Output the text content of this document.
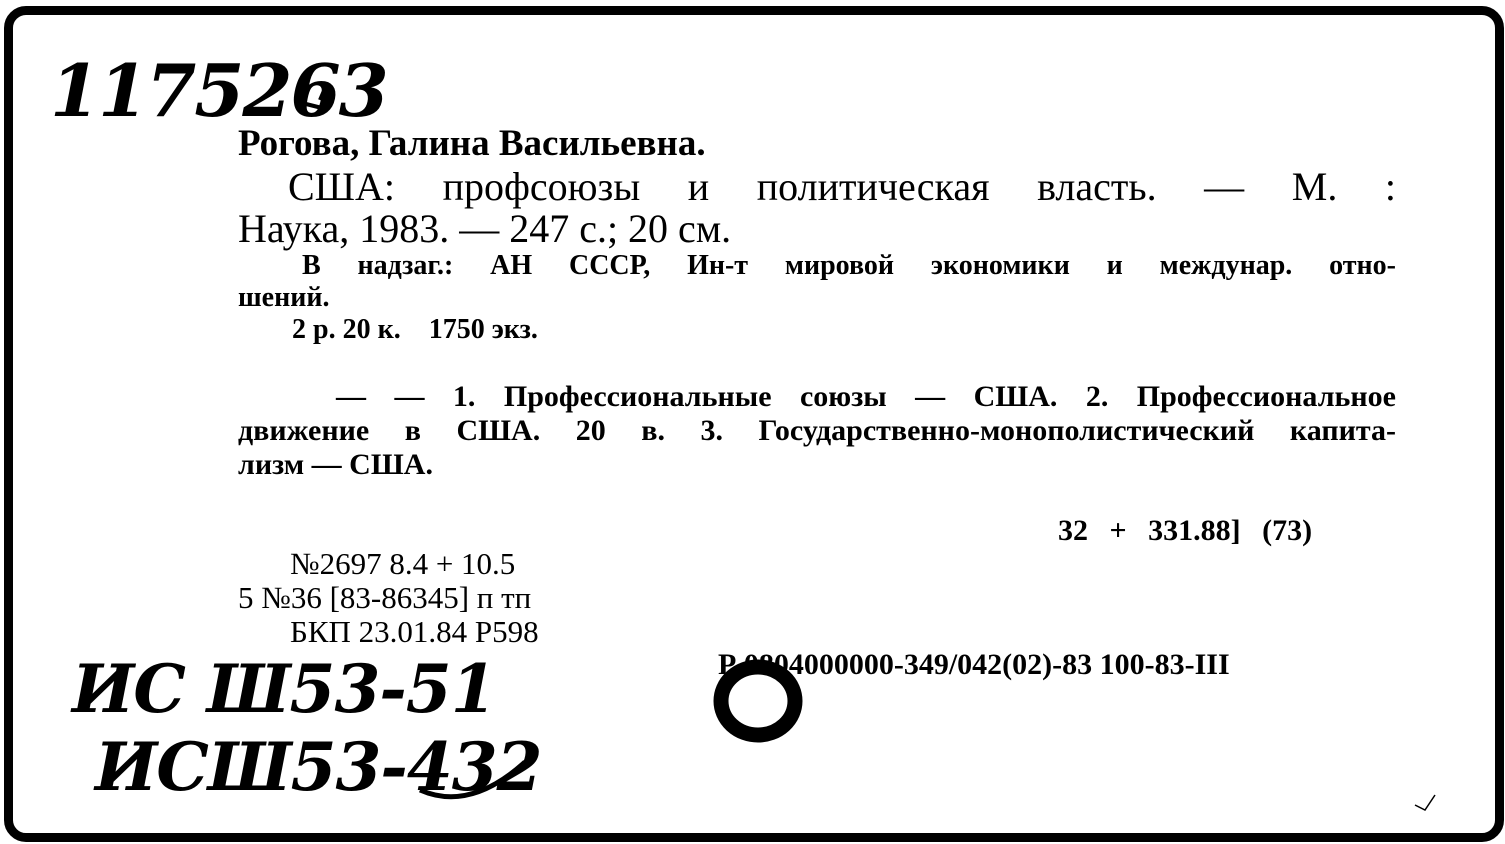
1175263
Рогова, Галина Васильевна.
США: профсоюзы и политическая власть. — М. :
Наука, 1983. — 247 с.; 20 см.
В надзаг.: АН СССР, Ин-т мировой экономики и междунар. отно-
шений.
2 р. 20 к.    1750 экз.
— — 1. Профессиональные союзы — США. 2. Профессиональное
движение в США. 20 в. 3. Государственно-монополистический капита-
лизм — США.
32 + 331.88] (73)
№2697 8.4 + 10.5
5 №36 [83-86345] п тп
БКП 23.01.84 Р598
Р 0804000000-349/042(02)-83 100-83-III
ИС Ш53-51
ИСШ53-432
